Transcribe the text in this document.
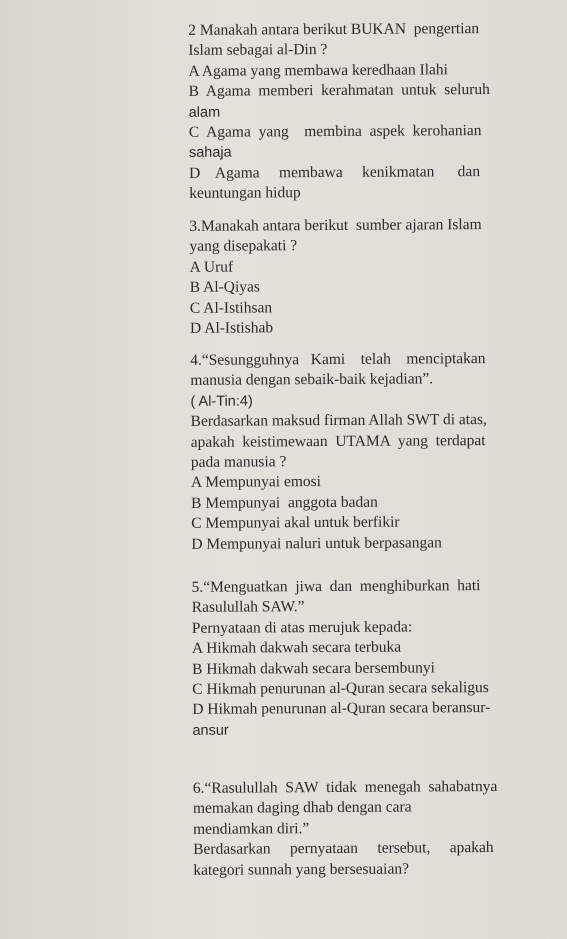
2 Manakah antara berikut BUKAN  pengertian
Islam sebagai al-Din ?
A Agama yang membawa keredhaan Ilahi
B  Agama  memberi  kerahmatan  untuk  seluruh
alam
C  Agama  yang    membina  aspek  kerohanian
sahaja
D    Agama     membawa     kenikmatan      dan
keuntungan hidup
3.Manakah antara berikut  sumber ajaran Islam
yang disepakati ?
A Uruf
B Al-Qiyas
C Al-Istihsan
D Al-Istishab
4.“Sesungguhnya   Kami    telah    menciptakan
manusia dengan sebaik-baik kejadian”.
( Al-Tin:4)
Berdasarkan maksud firman Allah SWT di atas,
apakah  keistimewaan  UTAMA  yang  terdapat
pada manusia ?
A Mempunyai emosi
B Mempunyai  anggota badan
C Mempunyai akal untuk berfikir
D Mempunyai naluri untuk berpasangan
5.“Menguatkan  jiwa  dan  menghiburkan  hati
Rasulullah SAW.”
Pernyataan di atas merujuk kepada:
A Hikmah dakwah secara terbuka
B Hikmah dakwah secara bersembunyi
C Hikmah penurunan al-Quran secara sekaligus
D Hikmah penurunan al-Quran secara beransur-
ansur
6.“Rasulullah  SAW  tidak  menegah  sahabatnya
memakan daging dhab dengan cara
mendiamkan diri.”
Berdasarkan     pernyataan     tersebut,     apakah
kategori sunnah yang bersesuaian?
